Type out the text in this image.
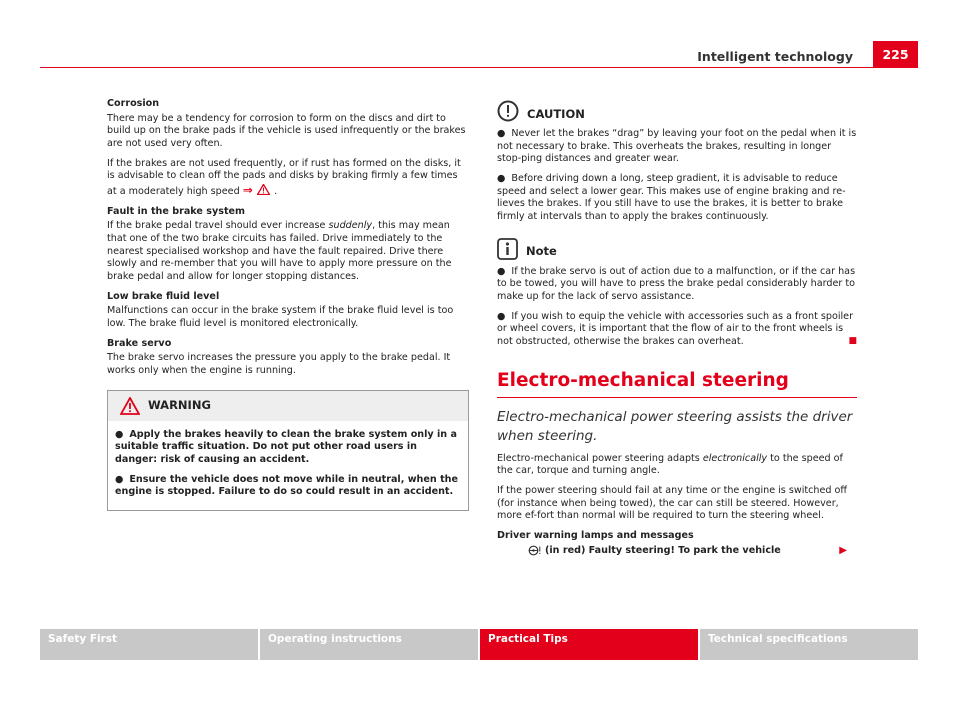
Intelligent technology	225

Corrosion

There may be a tendency for corrosion to form on the discs and dirt to build up on the brake pads if the vehicle is used infrequently or the brakes are not used very often.

If the brakes are not used frequently, or if rust has formed on the disks, it is advisable to clean off the pads and disks by braking firmly a few times at a moderately high speed ⇒ .

Fault in the brake system

If the brake pedal travel should ever increase suddenly, this may mean that one of the two brake circuits has failed. Drive immediately to the nearest specialised workshop and have the fault repaired. Drive there slowly and re-member that you will have to apply more pressure on the brake pedal and allow for longer stopping distances.

Low brake fluid level

Malfunctions can occur in the brake system if the brake fluid level is too low. The brake fluid level is monitored electronically.

Brake servo

The brake servo increases the pressure you apply to the brake pedal. It works only when the engine is running.

WARNING

● Apply the brakes heavily to clean the brake system only in a suitable traffic situation. Do not put other road users in danger: risk of causing an accident.

● Ensure the vehicle does not move while in neutral, when the engine is stopped. Failure to do so could result in an accident.

CAUTION

● Never let the brakes “drag” by leaving your foot on the pedal when it is not necessary to brake. This overheats the brakes, resulting in longer stop-ping distances and greater wear.

● Before driving down a long, steep gradient, it is advisable to reduce speed and select a lower gear. This makes use of engine braking and re-lieves the brakes. If you still have to use the brakes, it is better to brake firmly at intervals than to apply the brakes continuously.

Note

● If the brake servo is out of action due to a malfunction, or if the car has to be towed, you will have to press the brake pedal considerably harder to make up for the lack of servo assistance.

● If you wish to equip the vehicle with accessories such as a front spoiler or wheel covers, it is important that the flow of air to the front wheels is not obstructed, otherwise the brakes can overheat.	■

Electro-mechanical steering

Electro-mechanical power steering assists the driver when steering.

Electro-mechanical power steering adapts electronically to the speed of the car, torque and turning angle.

If the power steering should fail at any time or the engine is switched off (for instance when being towed), the car can still be steered. However, more ef-fort than normal will be required to turn the steering wheel.

Driver warning lamps and messages

(in red) Faulty steering! To park the vehicle	▶
Safety First	Operating instructions	Practical Tips	Technical specifications
